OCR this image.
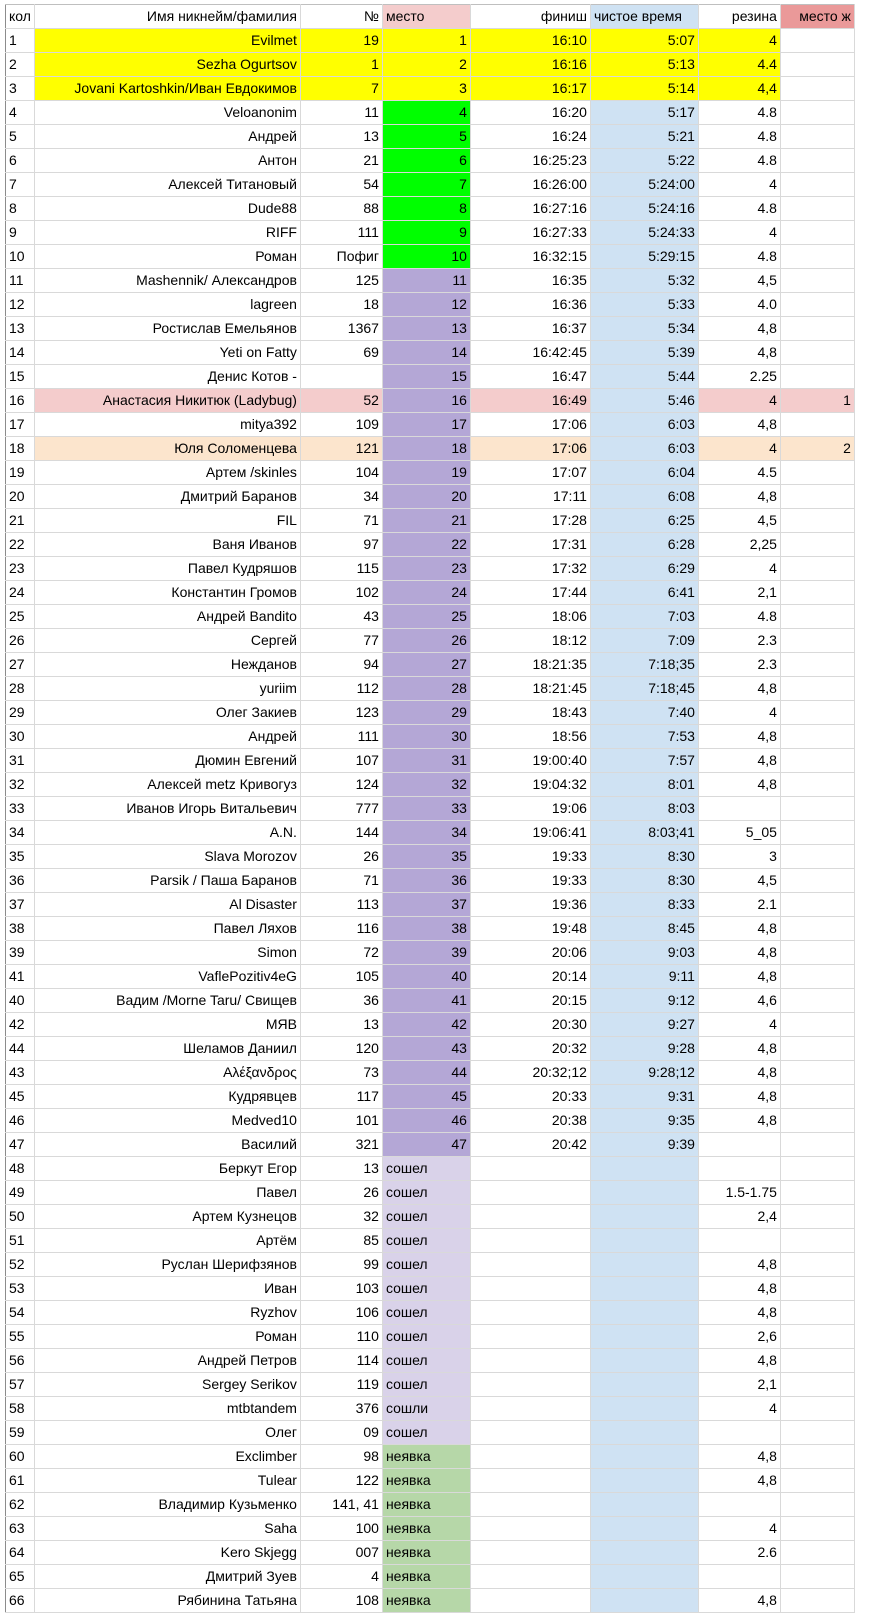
кол	Имя никнейм/фамилия	№	место	финиш	чистое время	резина	место ж
1	Evilmet	19	1	16:10	5:07	4	
2	Sezha Ogurtsov	1	2	16:16	5:13	4.4	
3	Jovani Kartoshkin/Иван Евдокимов	7	3	16:17	5:14	4,4	
4	Veloanonim	11	4	16:20	5:17	4.8	
5	Андрей	13	5	16:24	5:21	4.8	
6	Антон	21	6	16:25:23	5:22	4.8	
7	Алексей Титановый	54	7	16:26:00	5:24:00	4	
8	Dude88	88	8	16:27:16	5:24:16	4.8	
9	RIFF	111	9	16:27:33	5:24:33	4	
10	Роман	Пофиг	10	16:32:15	5:29:15	4.8	
11	Mashennik/ Александров	125	11	16:35	5:32	4,5	
12	lagreen	18	12	16:36	5:33	4.0	
13	Ростислав Емельянов	1367	13	16:37	5:34	4,8	
14	Yeti on Fatty	69	14	16:42:45	5:39	4,8	
15	Денис Котов -		15	16:47	5:44	2.25	
16	Анастасия Никитюк (Ladybug)	52	16	16:49	5:46	4	1
17	mitya392	109	17	17:06	6:03	4,8	
18	Юля Соломенцева	121	18	17:06	6:03	4	2
19	Артем /skinles	104	19	17:07	6:04	4.5	
20	Дмитрий Баранов	34	20	17:11	6:08	4,8	
21	FIL	71	21	17:28	6:25	4,5	
22	Ваня Иванов	97	22	17:31	6:28	2,25	
23	Павел Кудряшов	115	23	17:32	6:29	4	
24	Константин Громов	102	24	17:44	6:41	2,1	
25	Андрей Bandito	43	25	18:06	7:03	4.8	
26	Сергей	77	26	18:12	7:09	2.3	
27	Нежданов	94	27	18:21:35	7:18;35	2.3	
28	yuriim	112	28	18:21:45	7:18;45	4,8	
29	Олег Закиев	123	29	18:43	7:40	4	
30	Андрей	111	30	18:56	7:53	4,8	
31	Дюмин Евгений	107	31	19:00:40	7:57	4,8	
32	Алексей metz Кривогуз	124	32	19:04:32	8:01	4,8	
33	Иванов Игорь Витальевич	777	33	19:06	8:03		
34	A.N.	144	34	19:06:41	8:03;41	5_05	
35	Slava Morozov	26	35	19:33	8:30	3	
36	Parsik / Паша Баранов	71	36	19:33	8:30	4,5	
37	Al Disaster	113	37	19:36	8:33	2.1	
38	Павел Ляхов	116	38	19:48	8:45	4,8	
39	Simon	72	39	20:06	9:03	4,8	
41	VaflePozitiv4eG	105	40	20:14	9:11	4,8	
40	Вадим /Morne Taru/ Свищев	36	41	20:15	9:12	4,6	
42	МЯВ	13	42	20:30	9:27	4	
44	Шеламов Даниил	120	43	20:32	9:28	4,8	
43	Αλέξανδρος	73	44	20:32;12	9:28;12	4,8	
45	Кудрявцев	117	45	20:33	9:31	4,8	
46	Medved10	101	46	20:38	9:35	4,8	
47	Василий	321	47	20:42	9:39		
48	Беркут Егор	13	сошел				
49	Павел	26	сошел			1.5-1.75	
50	Артем Кузнецов	32	сошел			2,4	
51	Артём	85	сошел				
52	Руслан Шерифзянов	99	сошел			4,8	
53	Иван	103	сошел			4,8	
54	Ryzhov	106	сошел			4,8	
55	Роман	110	сошел			2,6	
56	Андрей Петров	114	сошел			4,8	
57	Sergey Serikov	119	сошел			2,1	
58	mtbtandem	376	сошли			4	
59	Олег	09	сошел				
60	Exclimber	98	неявка			4,8	
61	Tulear	122	неявка			4,8	
62	Владимир Кузьменко	141, 41	неявка				
63	Saha	100	неявка			4	
64	Kero Skjegg	007	неявка			2.6	
65	Дмитрий Зуев	4	неявка				
66	Рябинина Татьяна	108	неявка			4,8	
